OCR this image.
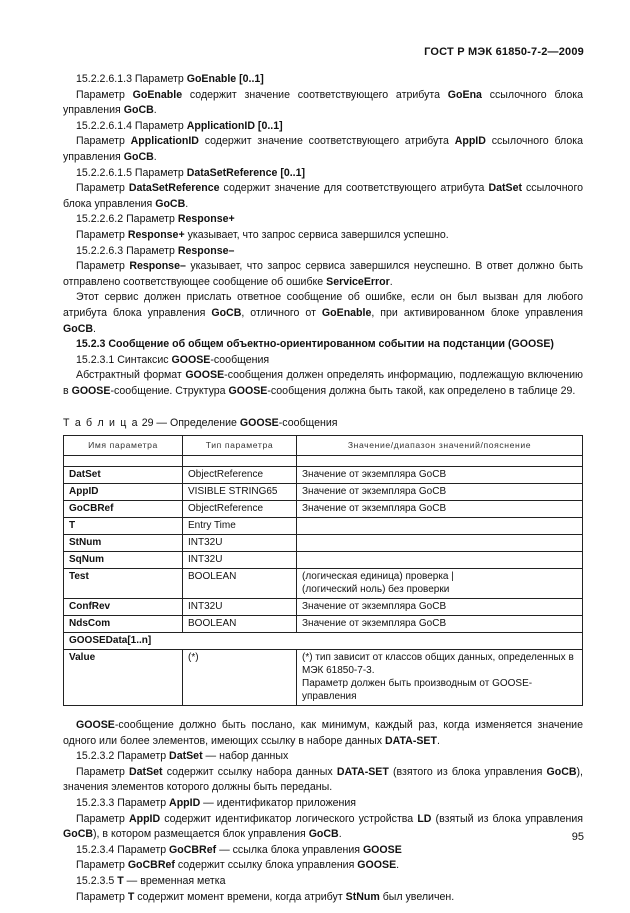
ГОСТ Р МЭК 61850-7-2—2009

15.2.2.6.1.3 Параметр GoEnable [0..1]

Параметр GoEnable содержит значение соответствующего атрибута GoEna ссылочного блока управления GoCB.

15.2.2.6.1.4 Параметр ApplicationID [0..1]

Параметр ApplicationID содержит значение соответствующего атрибута AppID ссылочного блока управления GoCB.

15.2.2.6.1.5 Параметр DataSetReference [0..1]

Параметр DataSetReference содержит значение для соответствующего атрибута DatSet ссылочного блока управления GoCB.

15.2.2.6.2 Параметр Response+

Параметр Response+ указывает, что запрос сервиса завершился успешно.

15.2.2.6.3 Параметр Response–

Параметр Response– указывает, что запрос сервиса завершился неуспешно. В ответ должно быть отправлено соответствующее сообщение об ошибке ServiceError.

Этот сервис должен прислать ответное сообщение об ошибке, если он был вызван для любого атрибута блока управления GoCB, отличного от GoEnable, при активированном блоке управления GoCB.

15.2.3 Сообщение об общем объектно-ориентированном событии на подстанции (GOOSE)

15.2.3.1 Синтаксис GOOSE-сообщения

Абстрактный формат GOOSE-сообщения должен определять информацию, подлежащую включению в GOOSE-сообщение. Структура GOOSE-сообщения должна быть такой, как определено в таблице 29.

Т а б л и ц а 29 — Определение GOOSE-сообщения

Имя параметра	Тип параметра	Значение/диапазон значений/пояснение

DatSet	ObjectReference	Значение от экземпляра GoCB
AppID	VISIBLE STRING65	Значение от экземпляра GoCB
GoCBRef	ObjectReference	Значение от экземпляра GoCB
T	Entry Time	
StNum	INT32U	
SqNum	INT32U	
Test	BOOLEAN	(логическая единица) проверка |
(логический ноль) без проверки
ConfRev	INT32U	Значение от экземпляра GoCB
NdsCom	BOOLEAN	Значение от экземпляра GoCB
GOOSEData[1..n]		
Value	(*)	(*) тип зависит от классов общих данных, определенных в МЭК 61850-7-3.
Параметр должен быть производным от GOOSE-управления

GOOSE-сообщение должно быть послано, как минимум, каждый раз, когда изменяется значение одного или более элементов, имеющих ссылку в наборе данных DATA-SET.

15.2.3.2 Параметр DatSet — набор данных

Параметр DatSet содержит ссылку набора данных DATA-SET (взятого из блока управления GoCB), значения элементов которого должны быть переданы.

15.2.3.3 Параметр AppID — идентификатор приложения

Параметр AppID содержит идентификатор логического устройства LD (взятый из блока управления GoCB), в котором размещается блок управления GoCB.

15.2.3.4 Параметр GoCBRef — ссылка блока управления GOOSE

Параметр GoCBRef содержит ссылку блока управления GOOSE.

15.2.3.5 T — временная метка

Параметр T содержит момент времени, когда атрибут StNum был увеличен.

95
